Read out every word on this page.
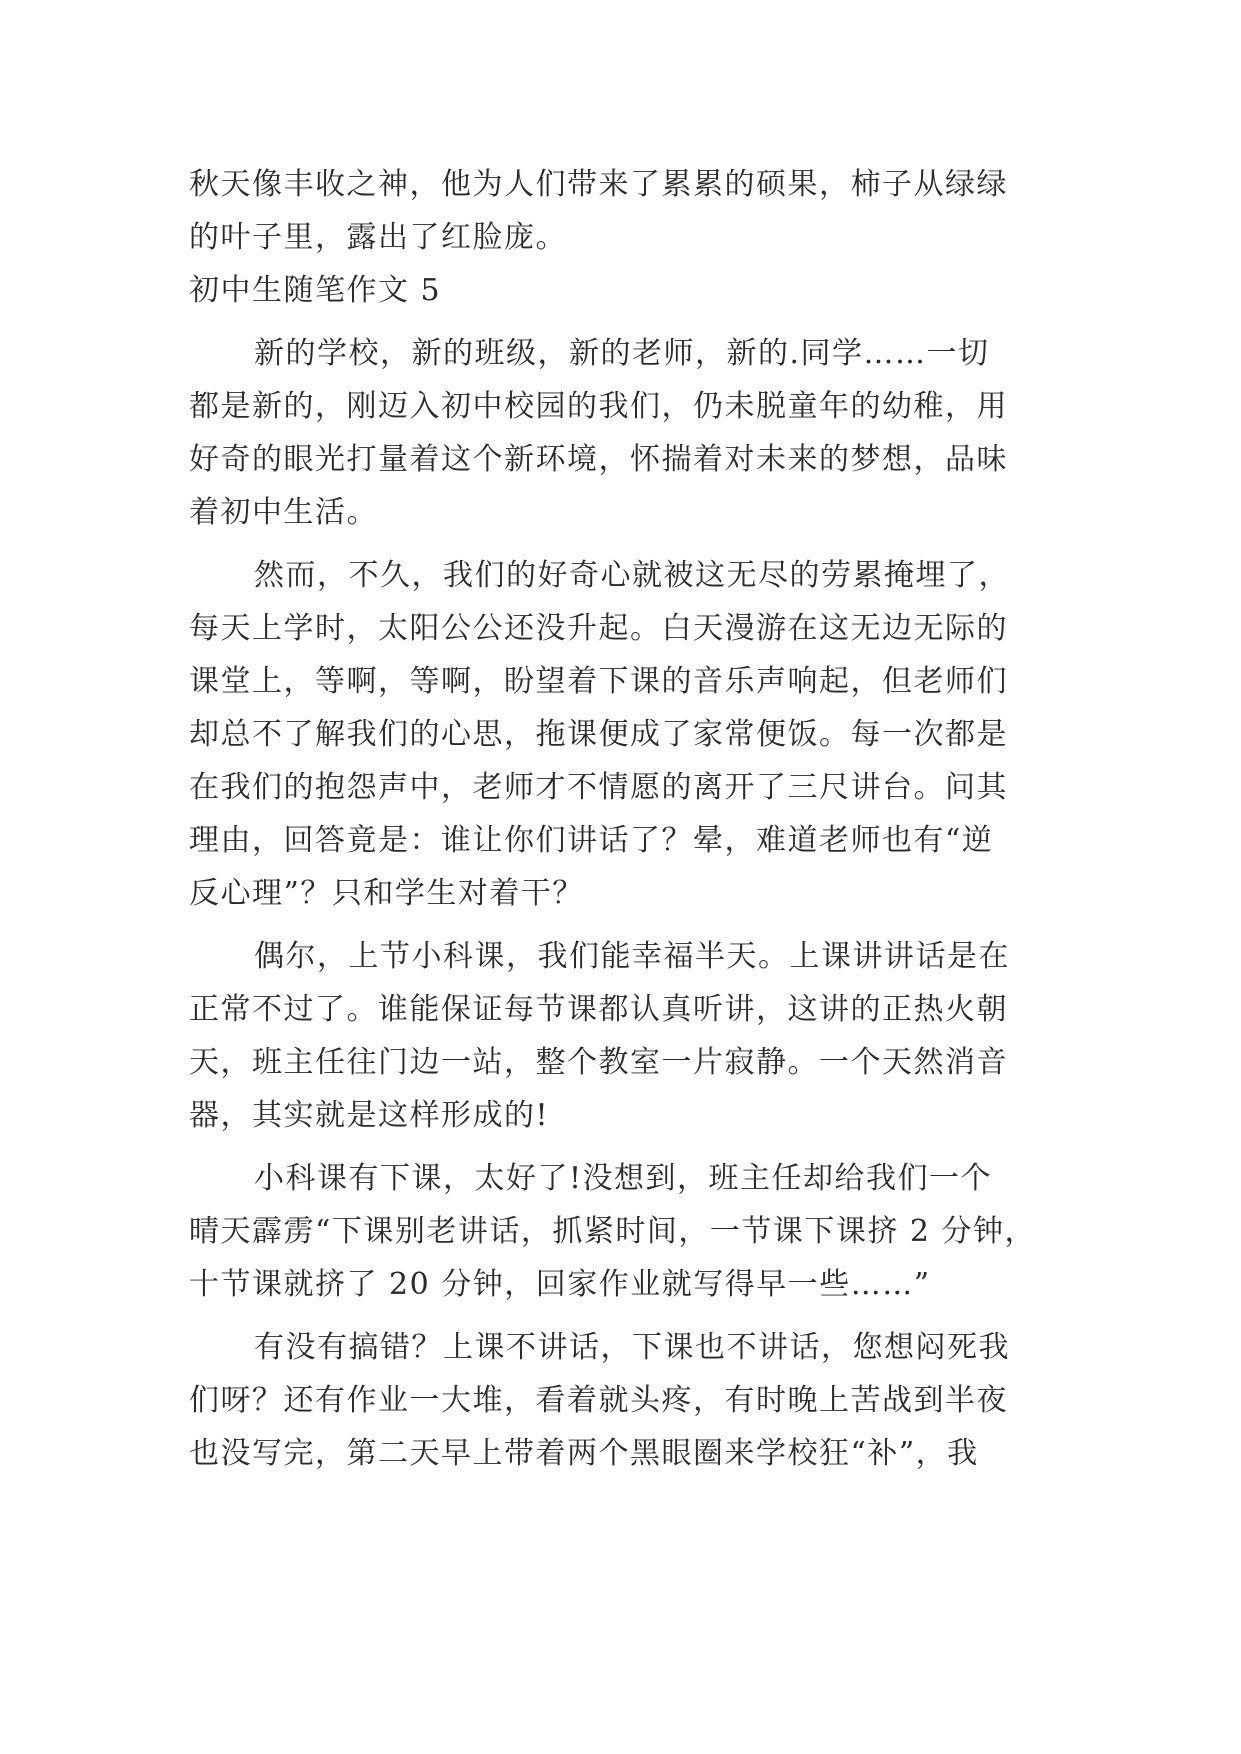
秋天像丰收之神，他为人们带来了累累的硕果，柿子从绿绿
的叶子里，露出了红脸庞。
初中生随笔作文 5
新的学校，新的班级，新的老师，新的.同学……一切
都是新的，刚迈入初中校园的我们，仍未脱童年的幼稚，用
好奇的眼光打量着这个新环境，怀揣着对未来的梦想，品味
着初中生活。
然而，不久，我们的好奇心就被这无尽的劳累掩埋了，
每天上学时，太阳公公还没升起。白天漫游在这无边无际的
课堂上，等啊，等啊，盼望着下课的音乐声响起，但老师们
却总不了解我们的心思，拖课便成了家常便饭。每一次都是
在我们的抱怨声中，老师才不情愿的离开了三尺讲台。问其
理由，回答竟是：谁让你们讲话了？晕，难道老师也有“逆
反心理”？只和学生对着干？
偶尔，上节小科课，我们能幸福半天。上课讲讲话是在
正常不过了。谁能保证每节课都认真听讲，这讲的正热火朝
天，班主任往门边一站，整个教室一片寂静。一个天然消音
器，其实就是这样形成的!
小科课有下课，太好了!没想到，班主任却给我们一个
晴天霹雳“下课别老讲话，抓紧时间，一节课下课挤 2 分钟，
十节课就挤了 20 分钟，回家作业就写得早一些……”
有没有搞错？上课不讲话，下课也不讲话，您想闷死我
们呀？还有作业一大堆，看着就头疼，有时晚上苦战到半夜
也没写完，第二天早上带着两个黑眼圈来学校狂“补”，我
